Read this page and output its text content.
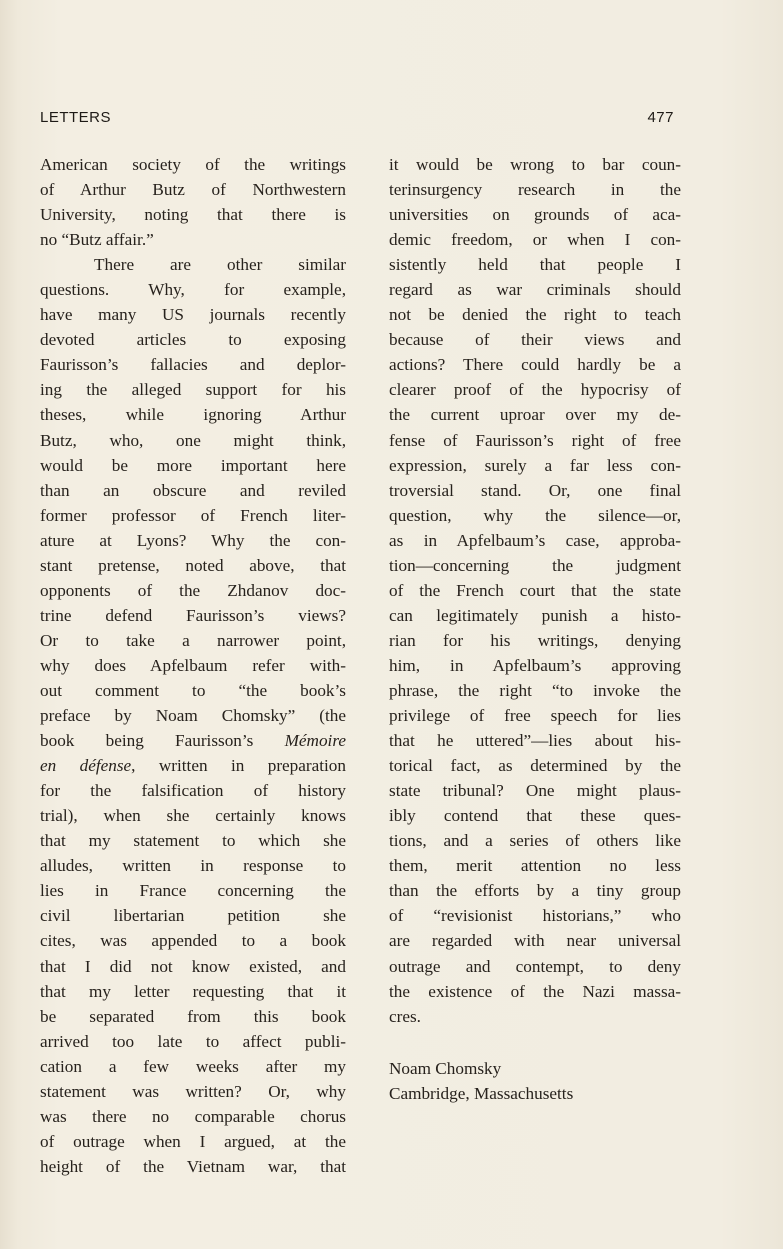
LETTERS	477
American society of the writings
of Arthur Butz of Northwestern
University, noting that there is
no “Butz affair.”
There are other similar
questions. Why, for example,
have many US journals recently
devoted articles to exposing
Faurisson’s fallacies and deplor-
ing the alleged support for his
theses, while ignoring Arthur
Butz, who, one might think,
would be more important here
than an obscure and reviled
former professor of French liter-
ature at Lyons? Why the con-
stant pretense, noted above, that
opponents of the Zhdanov doc-
trine defend Faurisson’s views?
Or to take a narrower point,
why does Apfelbaum refer with-
out comment to “the book’s
preface by Noam Chomsky” (the
book being Faurisson’s Mémoire
en défense, written in preparation
for the falsification of history
trial), when she certainly knows
that my statement to which she
alludes, written in response to
lies in France concerning the
civil libertarian petition she
cites, was appended to a book
that I did not know existed, and
that my letter requesting that it
be separated from this book
arrived too late to affect publi-
cation a few weeks after my
statement was written? Or, why
was there no comparable chorus
of outrage when I argued, at the
height of the Vietnam war, that
it would be wrong to bar coun-
terinsurgency research in the
universities on grounds of aca-
demic freedom, or when I con-
sistently held that people I
regard as war criminals should
not be denied the right to teach
because of their views and
actions? There could hardly be a
clearer proof of the hypocrisy of
the current uproar over my de-
fense of Faurisson’s right of free
expression, surely a far less con-
troversial stand. Or, one final
question, why the silence—or,
as in Apfelbaum’s case, approba-
tion—concerning the judgment
of the French court that the state
can legitimately punish a histo-
rian for his writings, denying
him, in Apfelbaum’s approving
phrase, the right “to invoke the
privilege of free speech for lies
that he uttered”—lies about his-
torical fact, as determined by the
state tribunal? One might plaus-
ibly contend that these ques-
tions, and a series of others like
them, merit attention no less
than the efforts by a tiny group
of “revisionist historians,” who
are regarded with near universal
outrage and contempt, to deny
the existence of the Nazi massa-
cres.
Noam Chomsky
Cambridge, Massachusetts
